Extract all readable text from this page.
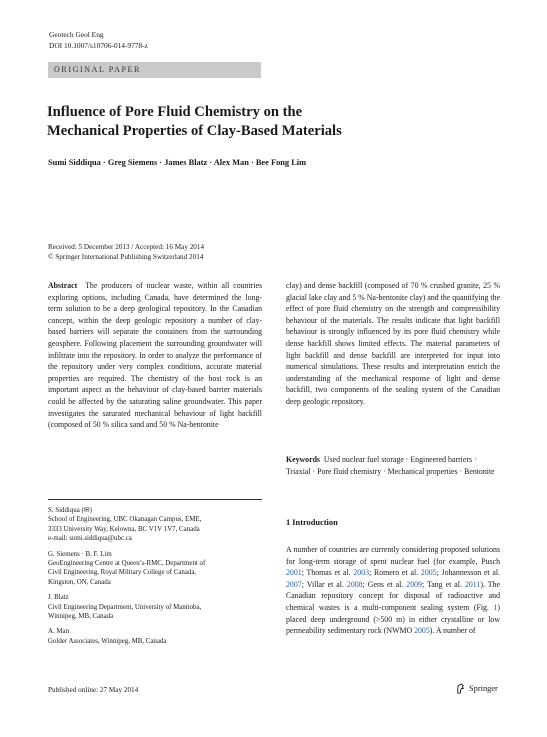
Geotech Geol Eng
DOI 10.1007/s10706-014-9778-z
ORIGINAL PAPER
Influence of Pore Fluid Chemistry on the Mechanical Properties of Clay-Based Materials
Sumi Siddiqua · Greg Siemens · James Blatz · Alex Man · Bee Fong Lim
Received: 5 December 2013 / Accepted: 16 May 2014
© Springer International Publishing Switzerland 2014

Abstract The producers of nuclear waste, within all countries exploring options, including Canada, have determined the long-term solution to be a deep geological repository. In the Canadian concept, within the deep geologic repository a number of clay-based barriers will separate the containers from the surrounding geosphere. Following placement the surrounding groundwater will infiltrate into the repository. In order to analyze the performance of the repository under very complex conditions, accurate material properties are required. The chemistry of the host rock is an important aspect as the behaviour of clay-based barrier materials could be affected by the saturating saline groundwater. This paper investigates the saturated mechanical behaviour of light backfill (composed of 50 % silica sand and 50 % Na-bentonite

clay) and dense backfill (composed of 70 % crushed granite, 25 % glacial lake clay and 5 % Na-bentonite clay) and the quantifying the effect of pore fluid chemistry on the strength and compressibility behaviour of the materials. The results indicate that light backfill behaviour is strongly influenced by its pore fluid chemistry while dense backfill shows limited effects. The material parameters of light backfill and dense backfill are interpreted for input into numerical simulations. These results and interpretation enrich the understanding of the mechanical response of light and dense backfill, two components of the sealing system of the Canadian deep geologic repository.

Keywords Used nuclear fuel storage · Engineered barriers · Triaxial · Pore fluid chemistry · Mechanical properties · Bentonite
S. Siddiqua (✉)
School of Engineering, UBC Okanagan Campus, EME,
3333 University Way, Kelowna, BC V1V 1V7, Canada
e-mail: sumi.siddiqua@ubc.ca
G. Siemens · B. F. Lim
GeoEngineering Centre at Queen’s-RMC, Department of
Civil Engineering, Royal Military College of Canada,
Kingston, ON, Canada
J. Blatz
Civil Engineering Department, University of Manitoba,
Winnipeg, MB, Canada
A. Man
Golder Associates, Winnipeg, MB, Canada
1 Introduction
A number of countries are currently considering proposed solutions for long-term storage of spent nuclear fuel (for example, Pusch 2001; Thomas et al. 2003; Romero et al. 2005; Johannesson et al. 2007; Villar et al. 2008; Gens et al. 2009; Tang et al. 2011). The Canadian repository concept for disposal of radioactive and chemical wastes is a multi-component sealing system (Fig. 1) placed deep underground (>500 m) in either crystalline or low permeability sedimentary rock (NWMO 2005). A number of
Published online: 27 May 2014	Springer
